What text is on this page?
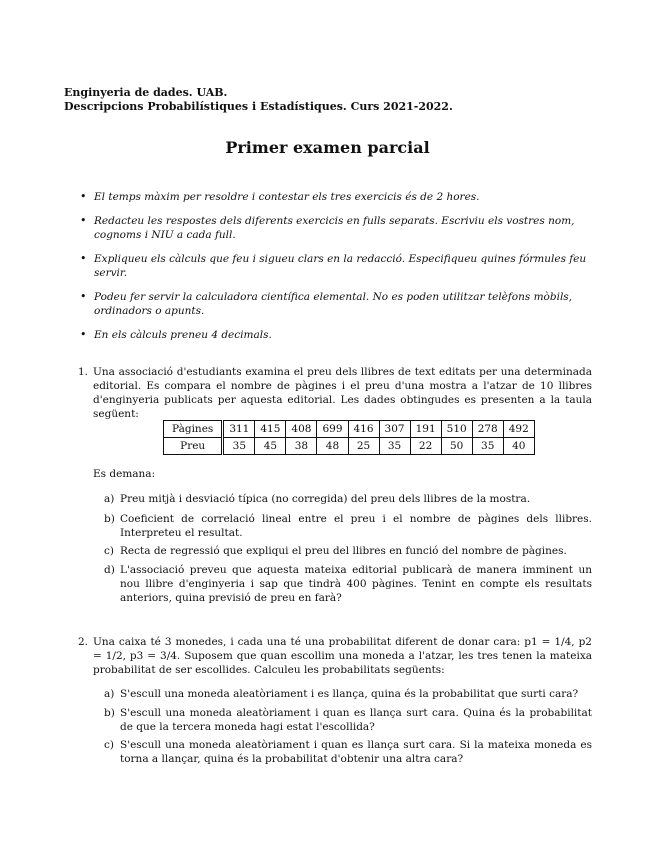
Enginyeria de dades. UAB.
Descripcions Probabilístiques i Estadístiques. Curs 2021-2022.
Primer examen parcial
• El temps màxim per resoldre i contestar els tres exercicis és de 2 hores.
• Redacteu les respostes dels diferents exercicis en fulls separats. Escriviu els vostres nom, cognoms i NIU a cada full.
• Expliqueu els càlculs que feu i sigueu clars en la redacció. Especifiqueu quines fórmules feu servir.
• Podeu fer servir la calculadora científica elemental. No es poden utilitzar telèfons mòbils, ordinadors o apunts.
• En els càlculs preneu 4 decimals.
1. Una associació d'estudiants examina el preu dels llibres de text editats per una determinada editorial. Es compara el nombre de pàgines i el preu d'una mostra a l'atzar de 10 llibres d'enginyeria publicats per aquesta editorial. Les dades obtingudes es presenten a la taula següent:
Pàgines	311	415	408	699	416	307	191	510	278	492
Preu	35	45	38	48	25	35	22	50	35	40
Es demana:
a) Preu mitjà i desviació típica (no corregida) del preu dels llibres de la mostra.
b) Coeficient de correlació lineal entre el preu i el nombre de pàgines dels llibres. Interpreteu el resultat.
c) Recta de regressió que expliqui el preu del llibres en funció del nombre de pàgines.
d) L'associació preveu que aquesta mateixa editorial publicarà de manera imminent un nou llibre d'enginyeria i sap que tindrà 400 pàgines. Tenint en compte els resultats anteriors, quina previsió de preu en farà?
2. Una caixa té 3 monedes, i cada una té una probabilitat diferent de donar cara: p1 = 1/4, p2 = 1/2, p3 = 3/4. Suposem que quan escollim una moneda a l'atzar, les tres tenen la mateixa probabilitat de ser escollides. Calculeu les probabilitats següents:
a) S'escull una moneda aleatòriament i es llança, quina és la probabilitat que surti cara?
b) S'escull una moneda aleatòriament i quan es llança surt cara. Quina és la probabilitat de que la tercera moneda hagi estat l'escollida?
c) S'escull una moneda aleatòriament i quan es llança surt cara. Si la mateixa moneda es torna a llançar, quina és la probabilitat d'obtenir una altra cara?
